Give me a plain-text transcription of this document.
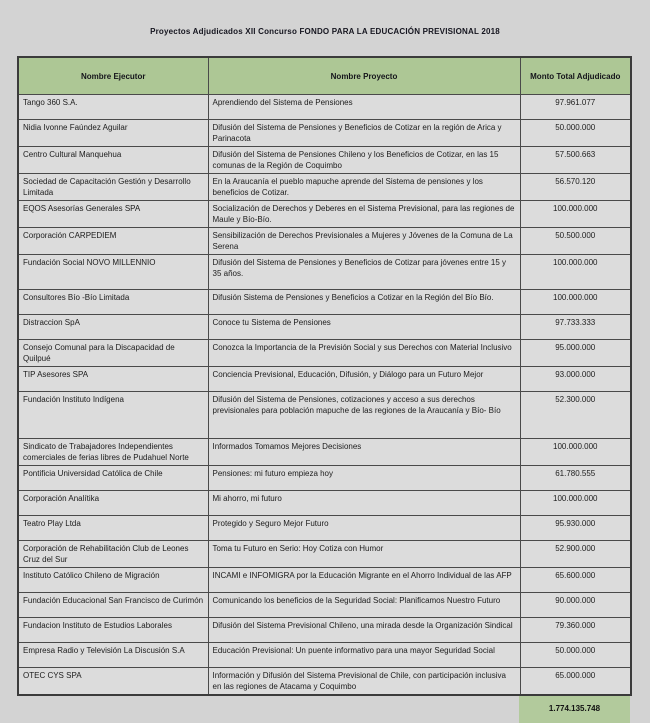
Proyectos Adjudicados XII Concurso FONDO PARA LA EDUCACIÓN PREVISIONAL 2018
Nombre Ejecutor	Nombre Proyecto	Monto Total Adjudicado
Tango 360 S.A.	Aprendiendo del Sistema de Pensiones	97.961.077
Nidia Ivonne Faúndez Aguilar	Difusión del Sistema de Pensiones y Beneficios de Cotizar en la región de Arica y Parinacota	50.000.000
Centro Cultural Manquehua	Difusión del Sistema de Pensiones Chileno y los Beneficios de Cotizar, en las 15 comunas de la Región de Coquimbo	57.500.663
Sociedad de Capacitación Gestión y Desarrollo Limitada	En la Araucanía el pueblo mapuche aprende del Sistema de pensiones y los beneficios de Cotizar.	56.570.120
EQOS Asesorías Generales SPA	Socialización de Derechos y Deberes en el Sistema Previsional, para las regiones de Maule y Bío-Bío.	100.000.000
Corporación CARPEDIEM	Sensibilización de Derechos Previsionales a Mujeres y Jóvenes de la Comuna de La Serena	50.500.000
Fundación Social NOVO MILLENNIO	Difusión del Sistema de Pensiones y Beneficios de Cotizar para jóvenes entre 15 y 35 años.	100.000.000
Consultores Bío -Bío Limitada	Difusión Sistema de Pensiones y Beneficios a Cotizar en la Región del Bío Bío.	100.000.000
Distraccion SpA	Conoce tu Sistema de Pensiones	97.733.333
Consejo Comunal para la Discapacidad de Quilpué	Conozca la Importancia de la Previsión Social y sus Derechos con Material Inclusivo	95.000.000
TIP Asesores SPA	Conciencia Previsional, Educación, Difusión, y Diálogo para un Futuro Mejor	93.000.000
Fundación Instituto Indígena	Difusión del Sistema de Pensiones, cotizaciones y acceso a sus derechos previsionales para población mapuche de las regiones de la Araucanía y Bío- Bío	52.300.000
Sindicato de Trabajadores Independientes comerciales de ferias libres de Pudahuel Norte	Informados Tomamos Mejores Decisiones	100.000.000
Pontificia Universidad Católica de Chile	Pensiones: mi futuro empieza hoy	61.780.555
Corporación Analítika	Mi ahorro, mi futuro	100.000.000
Teatro Play Ltda	Protegido y Seguro Mejor Futuro	95.930.000
Corporación de Rehabilitación Club de Leones Cruz del Sur	Toma tu Futuro en Serio: Hoy Cotiza con Humor	52.900.000
Instituto Católico Chileno de Migración	INCAMI e INFOMIGRA por la Educación Migrante en el Ahorro Individual de las AFP	65.600.000
Fundación Educacional San Francisco de Curimón	Comunicando los beneficios de la Seguridad Social: Planificamos Nuestro Futuro	90.000.000
Fundacion Instituto de Estudios Laborales	Difusión del Sistema Previsional Chileno, una mirada desde la Organización Sindical	79.360.000
Empresa Radio y Televisión La Discusión S.A	Educación Previsional: Un puente informativo para una mayor Seguridad Social	50.000.000
OTEC CYS SPA	Información y Difusión del Sistema Previsional de Chile, con participación inclusiva en las regiones de Atacama y Coquimbo	65.000.000
1.774.135.748
